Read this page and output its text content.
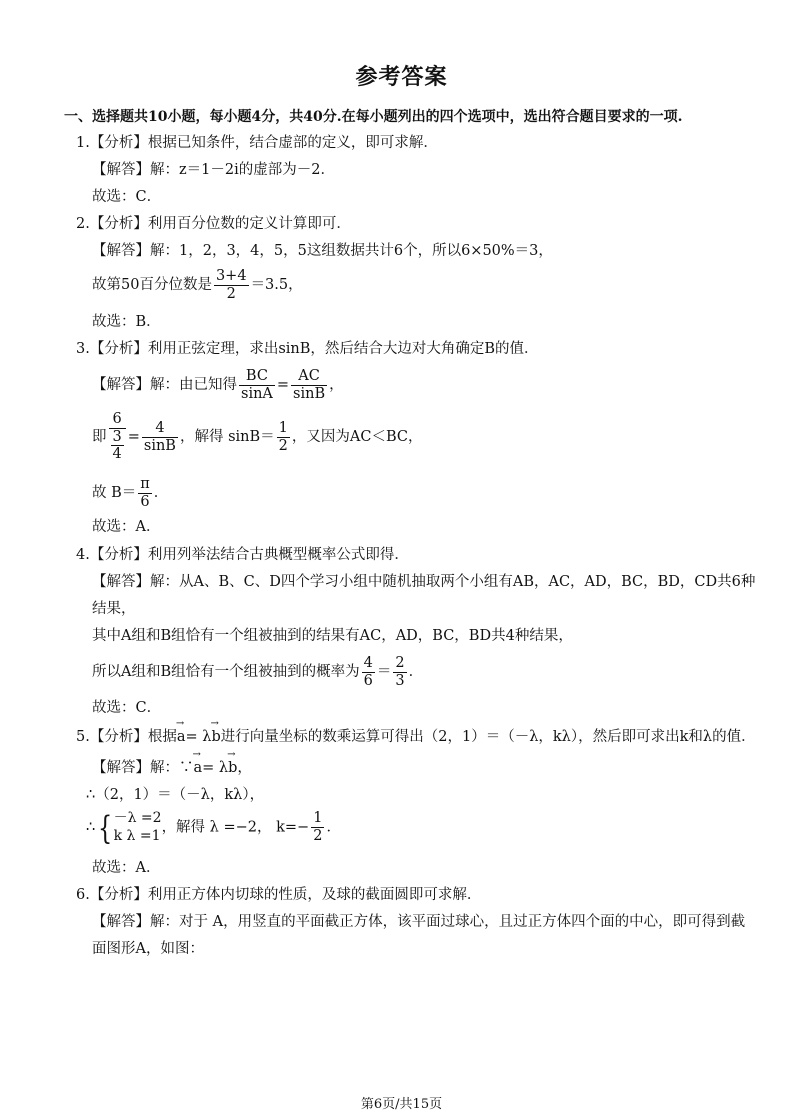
参考答案
一、选择题共10小题，每小题4分，共40分.在每小题列出的四个选项中，选出符合题目要求的一项.
1.【分析】根据已知条件，结合虚部的定义，即可求解．
【解答】解：z＝1－2i的虚部为－2．
故选：C．
2.【分析】利用百分位数的定义计算即可．
【解答】解：1，2，3，4，5，5这组数据共计6个，所以6×50%＝3，
故第50百分位数是 $\frac{3+4}{2} =3.5$，
故选：B．
3.【分析】利用正弦定理，求出sinB，然后结合大边对大角确定B的值．
【解答】解：由已知得 $\frac{BC}{\sin A} = \frac{AC}{\sin B}$ ，
即 6
3
$4 = \frac{4}{\sin B}$ ，解得 $\sin B= \frac{1}{2}$ ，又因为AC＜BC，
故 $B= \frac{\pi}{6}$ ．
故选：A．
4.【分析】利用列举法结合古典概型概率公式即得．
【解答】解：从A、B、C、D四个学习小组中随机抽取两个小组有AB，AC，AD，BC，BD，CD共6种
结果，
其中A组和B组恰有一个组被抽到的结果有AC，AD，BC，BD共4种结果，
所以A组和B组恰有一个组被抽到的概率为 $\frac{4}{6} = \frac{2}{3}$ ．
故选：C．
5.【分析】根据→ a= λ→ b进行向量坐标的数乘运算可得出（2，1）＝（－λ，kλ），然后即可求出k和λ的值．
【解答】解：∵→ a= λ→ b，
∴（2，1）＝（－λ，kλ），
∴{ －λ =2
k λ =1 ，解得 λ =−2， $k=- \frac{1}{2}$ ．
故选：A．
6.【分析】利用正方体内切球的性质，及球的截面圆即可求解．
【解答】解：对于 A，用竖直的平面截正方体，该平面过球心，且过正方体四个面的中心，即可得到截
面图形A，如图：
第6页/共15页
